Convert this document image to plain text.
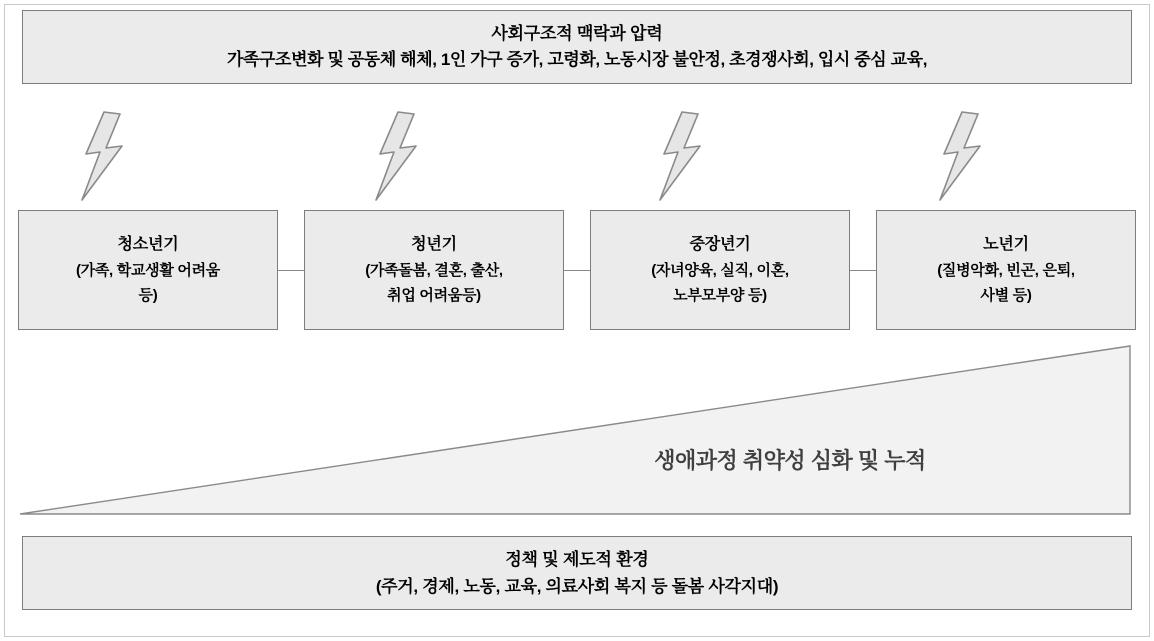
사회구조적 맥락과 압력
가족구조변화 및 공동체 해체, 1인 가구 증가, 고령화, 노동시장 불안정, 초경쟁사회, 입시 중심 교육,
청소년기
(가족, 학교생활 어려움
등)
청년기
(가족돌봄, 결혼, 출산,
취업 어려움등)
중장년기
(자녀양육, 실직, 이혼,
노부모부양 등)
노년기
(질병악화, 빈곤, 은퇴,
사별 등)
생애과정 취약성 심화 및 누적
정책 및 제도적 환경
(주거, 경제, 노동, 교육, 의료사회 복지 등 돌봄 사각지대)
